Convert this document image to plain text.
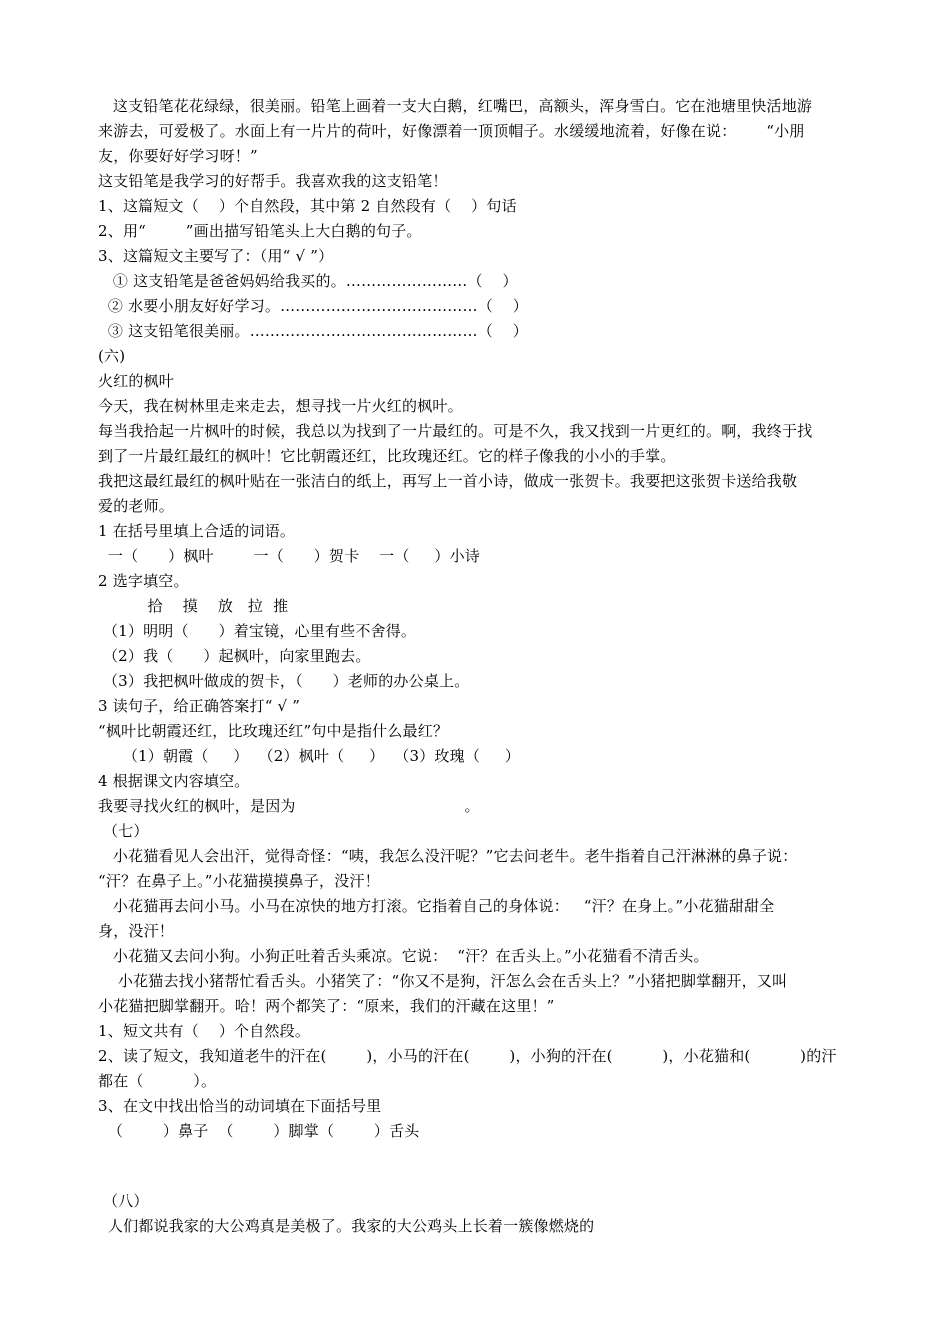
这支铅笔花花绿绿，很美丽。铅笔上画着一支大白鹅，红嘴巴，高额头，浑身雪白。它在池塘里快活地游
来游去，可爱极了。水面上有一片片的荷叶，好像漂着一顶顶帽子。水缓缓地流着，好像在说：      “小朋
友，你要好好学习呀！”
这支铅笔是我学习的好帮手。我喜欢我的这支铅笔！
1、这篇短文（    ）个自然段，其中第 2 自然段有（    ）句话
2、用“        ”画出描写铅笔头上大白鹅的句子。
3、这篇短文主要写了：（用“ √ ”）
① 这支铅笔是爸爸妈妈给我买的。……………………（    ）
② 水要小朋友好好学习。…………………………………（    ）
③ 这支铅笔很美丽。………………………………………（    ）
(六)
火红的枫叶
今天，我在树林里走来走去，想寻找一片火红的枫叶。
每当我拾起一片枫叶的时候，我总以为找到了一片最红的。可是不久，我又找到一片更红的。啊，我终于找
到了一片最红最红的枫叶！它比朝霞还红，比玫瑰还红。它的样子像我的小小的手掌。
我把这最红最红的枫叶贴在一张洁白的纸上，再写上一首小诗，做成一张贺卡。我要把这张贺卡送给我敬
爱的老师。
1 在括号里填上合适的词语。
一（      ）枫叶        一（      ）贺卡    一（     ）小诗
2 选字填空。
拾    摸    放   拉  推
（1）明明（      ）着宝镜，心里有些不舍得。
（2）我（      ）起枫叶，向家里跑去。
（3）我把枫叶做成的贺卡，（      ）老师的办公桌上。
3 读句子，给正确答案打“ √ ”
“枫叶比朝霞还红，比玫瑰还红”句中是指什么最红？
（1）朝霞（     ）  （2）枫叶（     ）  （3）玫瑰（     ）
4 根据课文内容填空。
我要寻找火红的枫叶，是因为                                  。
（七）
小花猫看见人会出汗，觉得奇怪：“咦，我怎么没汗呢？”它去问老牛。老牛指着自己汗淋淋的鼻子说：
“汗？在鼻子上。”小花猫摸摸鼻子，没汗！
小花猫再去问小马。小马在凉快的地方打滚。它指着自己的身体说：   “汗？在身上。”小花猫甜甜全
身，没汗！
小花猫又去问小狗。小狗正吐着舌头乘凉。它说：  “汗？在舌头上。”小花猫看不清舌头。
小花猫去找小猪帮忙看舌头。小猪笑了：“你又不是狗，汗怎么会在舌头上？”小猪把脚掌翻开，又叫
小花猫把脚掌翻开。哈！两个都笑了：“原来，我们的汗藏在这里！”
1、短文共有（    ）个自然段。
2、读了短文，我知道老牛的汗在(        )，小马的汗在(        )，小狗的汗在(          )，小花猫和(          )的汗
都在（          ）。
3、在文中找出恰当的动词填在下面括号里
（        ）鼻子  （        ）脚掌（        ）舌头
（八）
人们都说我家的大公鸡真是美极了。我家的大公鸡头上长着一簇像燃烧的
